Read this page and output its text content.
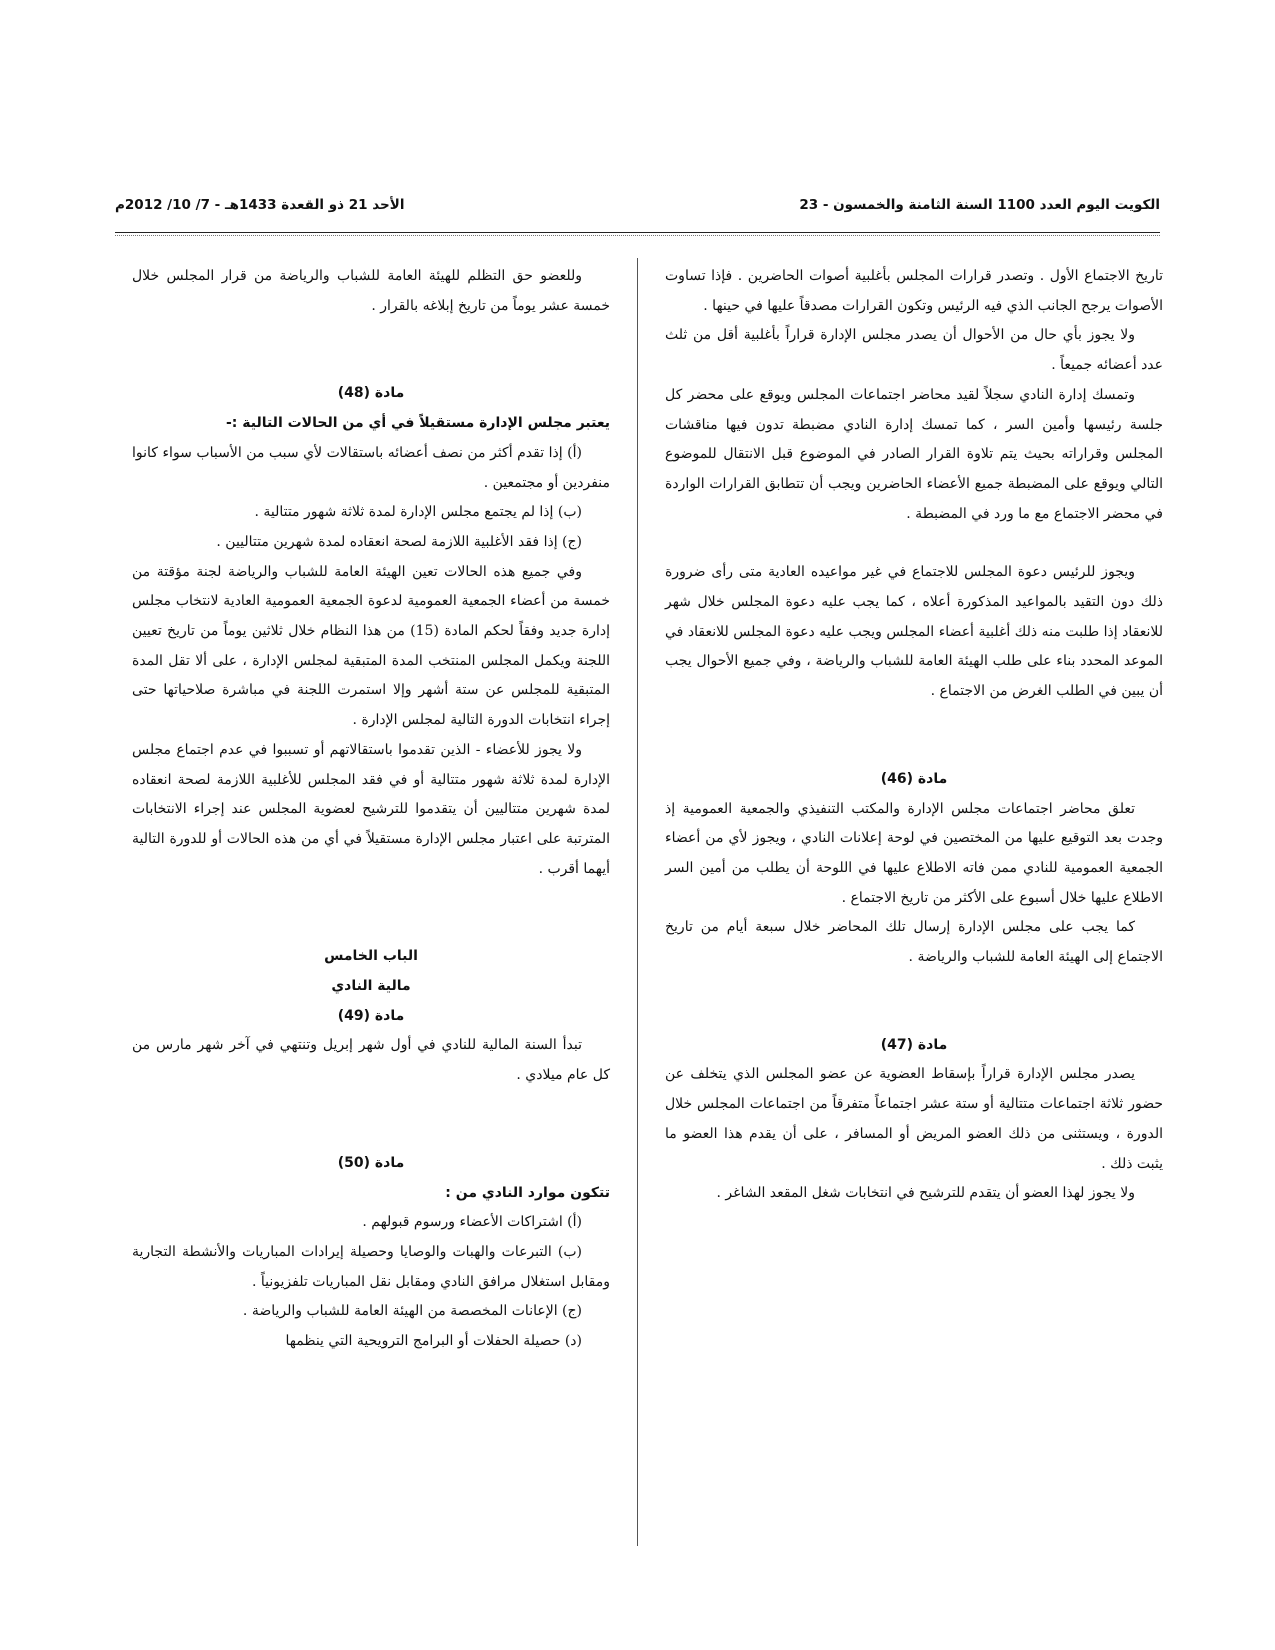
الكويت اليوم العدد 1100 السنة الثامنة والخمسون - 23
الأحد 21 ذو القعدة 1433هـ - 7/ 10/ 2012م

تاريخ الاجتماع الأول . وتصدر قرارات المجلس بأغلبية أصوات الحاضرين . فإذا تساوت الأصوات يرجح الجانب الذي فيه الرئيس وتكون القرارات مصدقاً عليها في حينها .

ولا يجوز بأي حال من الأحوال أن يصدر مجلس الإدارة قراراً بأغلبية أقل من ثلث عدد أعضائه جميعاً .

وتمسك إدارة النادي سجلاً لقيد محاضر اجتماعات المجلس ويوقع على محضر كل جلسة رئيسها وأمين السر ، كما تمسك إدارة النادي مضبطة تدون فيها مناقشات المجلس وقراراته بحيث يتم تلاوة القرار الصادر في الموضوع قبل الانتقال للموضوع التالي ويوقع على المضبطة جميع الأعضاء الحاضرين ويجب أن تتطابق القرارات الواردة في محضر الاجتماع مع ما ورد في المضبطة .

ويجوز للرئيس دعوة المجلس للاجتماع في غير مواعيده العادية متى رأى ضرورة ذلك دون التقيد بالمواعيد المذكورة أعلاه ، كما يجب عليه دعوة المجلس خلال شهر للانعقاد إذا طلبت منه ذلك أغلبية أعضاء المجلس ويجب عليه دعوة المجلس للانعقاد في الموعد المحدد بناء على طلب الهيئة العامة للشباب والرياضة ، وفي جميع الأحوال يجب أن يبين في الطلب الغرض من الاجتماع .

مادة (46)

تعلق محاضر اجتماعات مجلس الإدارة والمكتب التنفيذي والجمعية العمومية إذ وجدت بعد التوقيع عليها من المختصين في لوحة إعلانات النادي ، ويجوز لأي من أعضاء الجمعية العمومية للنادي ممن فاته الاطلاع عليها في اللوحة أن يطلب من أمين السر الاطلاع عليها خلال أسبوع على الأكثر من تاريخ الاجتماع .

كما يجب على مجلس الإدارة إرسال تلك المحاضر خلال سبعة أيام من تاريخ الاجتماع إلى الهيئة العامة للشباب والرياضة .

مادة (47)

يصدر مجلس الإدارة قراراً بإسقاط العضوية عن عضو المجلس الذي يتخلف عن حضور ثلاثة اجتماعات متتالية أو ستة عشر اجتماعاً متفرقاً من اجتماعات المجلس خلال الدورة ، ويستثنى من ذلك العضو المريض أو المسافر ، على أن يقدم هذا العضو ما يثبت ذلك .

ولا يجوز لهذا العضو أن يتقدم للترشيح في انتخابات شغل المقعد الشاغر .

وللعضو حق التظلم للهيئة العامة للشباب والرياضة من قرار المجلس خلال خمسة عشر يوماً من تاريخ إبلاغه بالقرار .

مادة (48)

يعتبر مجلس الإدارة مستقيلاً في أي من الحالات التالية :-

(أ) إذا تقدم أكثر من نصف أعضائه باستقالات لأي سبب من الأسباب سواء كانوا منفردين أو مجتمعين .

(ب) إذا لم يجتمع مجلس الإدارة لمدة ثلاثة شهور متتالية .

(ج) إذا فقد الأغلبية اللازمة لصحة انعقاده لمدة شهرين متتاليين .

وفي جميع هذه الحالات تعين الهيئة العامة للشباب والرياضة لجنة مؤقتة من خمسة من أعضاء الجمعية العمومية لدعوة الجمعية العمومية العادية لانتخاب مجلس إدارة جديد وفقاً لحكم المادة (15) من هذا النظام خلال ثلاثين يوماً من تاريخ تعيين اللجنة ويكمل المجلس المنتخب المدة المتبقية لمجلس الإدارة ، على ألا تقل المدة المتبقية للمجلس عن ستة أشهر وإلا استمرت اللجنة في مباشرة صلاحياتها حتى إجراء انتخابات الدورة التالية لمجلس الإدارة .

ولا يجوز للأعضاء - الذين تقدموا باستقالاتهم أو تسببوا في عدم اجتماع مجلس الإدارة لمدة ثلاثة شهور متتالية أو في فقد المجلس للأغلبية اللازمة لصحة انعقاده لمدة شهرين متتاليين أن يتقدموا للترشيح لعضوية المجلس عند إجراء الانتخابات المترتبة على اعتبار مجلس الإدارة مستقيلاً في أي من هذه الحالات أو للدورة التالية أيهما أقرب .

الباب الخامس

مالية النادي

مادة (49)

تبدأ السنة المالية للنادي في أول شهر إبريل وتنتهي في آخر شهر مارس من كل عام ميلادي .

مادة (50)

تتكون موارد النادي من :

(أ) اشتراكات الأعضاء ورسوم قبولهم .

(ب) التبرعات والهبات والوصايا وحصيلة إيرادات المباريات والأنشطة التجارية ومقابل استغلال مرافق النادي ومقابل نقل المباريات تلفزيونياً .

(ج) الإعانات المخصصة من الهيئة العامة للشباب والرياضة .

(د) حصيلة الحفلات أو البرامج الترويحية التي ينظمها
